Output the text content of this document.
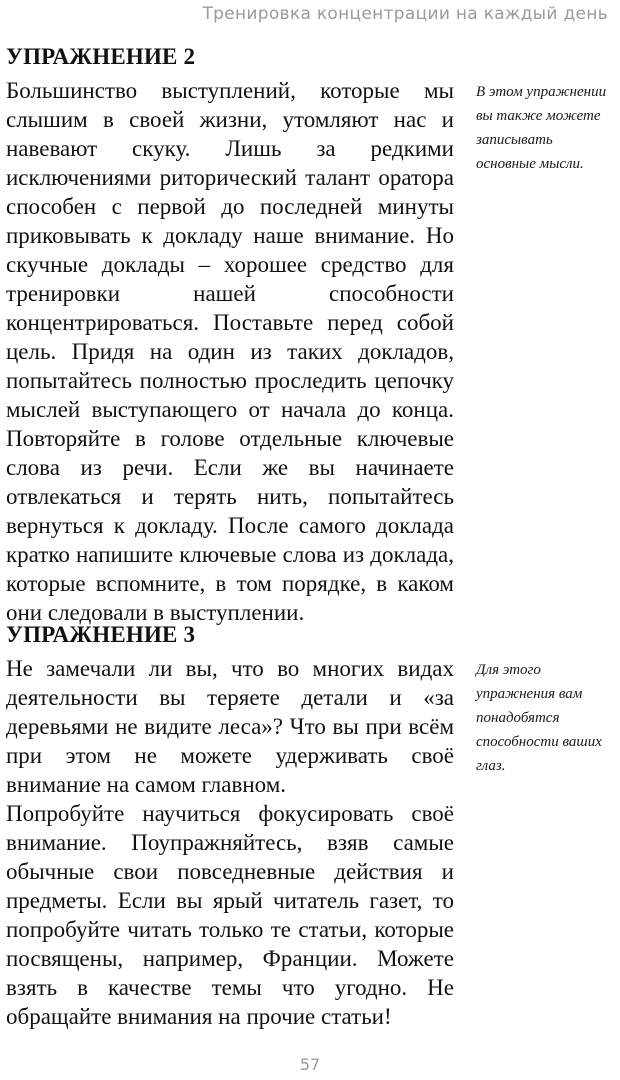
Тренировка концентрации на каждый день
УПРАЖНЕНИЕ 2

Большинство выступлений, которые мы слышим в своей жизни, утомляют нас и навевают скуку. Лишь за редкими исключениями риторический талант оратора способен с первой до последней минуты приковывать к докладу наше внимание. Но скучные доклады – хорошее средство для тренировки нашей способности концентрироваться. Поставьте перед собой цель. Придя на один из таких докладов, попытайтесь полностью проследить цепочку мыслей выступающего от начала до конца. Повторяйте в голове отдельные ключевые слова из речи. Если же вы начинаете отвлекаться и терять нить, попытайтесь вернуться к докладу. После самого доклада кратко напишите ключевые слова из доклада, которые вспомните, в том порядке, в каком они следовали в выступлении.

В этом упражнении вы также можете записывать основные мысли.
УПРАЖНЕНИЕ 3

Не замечали ли вы, что во многих видах деятельности вы теряете детали и «за деревьями не видите леса»? Что вы при всём при этом не можете удерживать своё внимание на самом главном.

Попробуйте научиться фокусировать своё внимание. Поупражняйтесь, взяв самые обычные свои повседневные действия и предметы. Если вы ярый читатель газет, то попробуйте читать только те статьи, которые посвящены, например, Франции. Можете взять в качестве темы что угодно. Не обращайте внимания на прочие статьи!

Для этого упражнения вам понадобятся способности ваших глаз.
57
